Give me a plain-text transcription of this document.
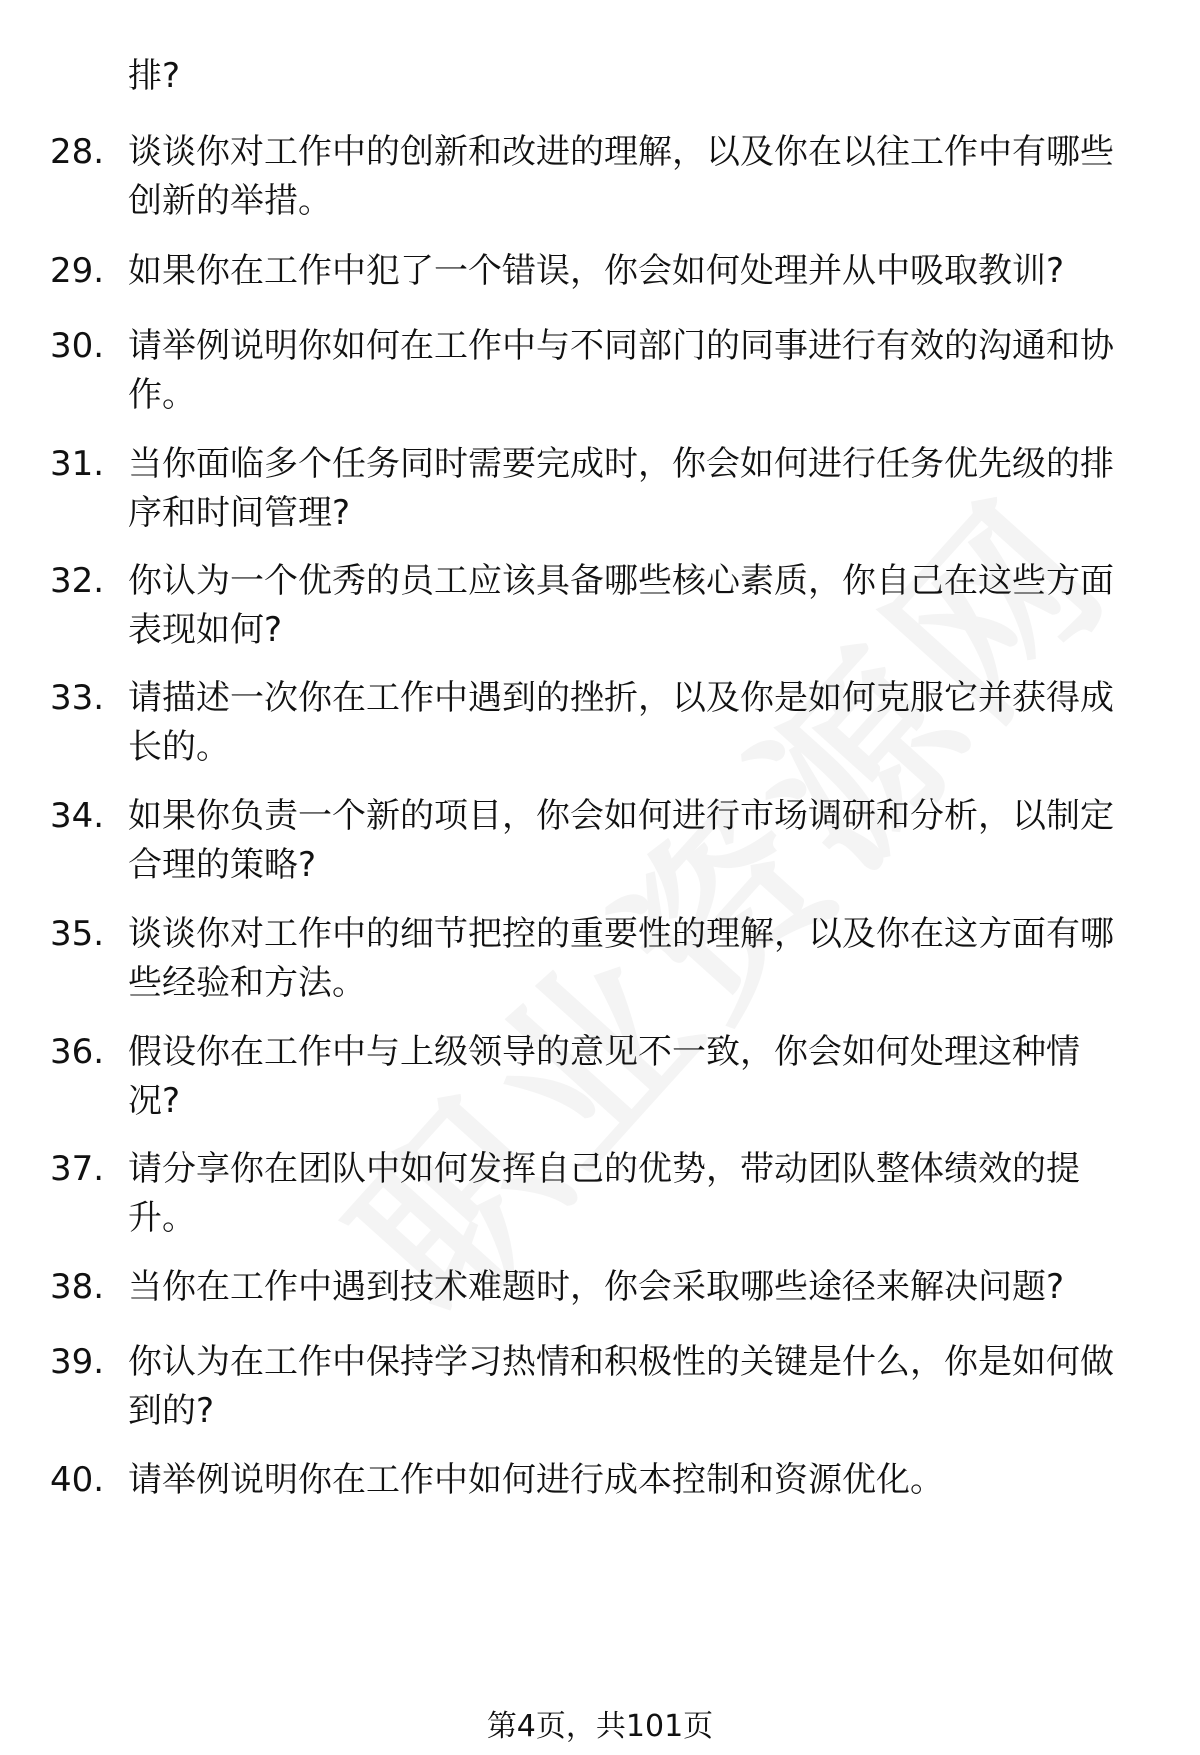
排?
28. 谈谈你对工作中的创新和改进的理解，以及你在以往工作中有哪些创新的举措。
29. 如果你在工作中犯了一个错误，你会如何处理并从中吸取教训?
30. 请举例说明你如何在工作中与不同部门的同事进行有效的沟通和协作。
31. 当你面临多个任务同时需要完成时，你会如何进行任务优先级的排序和时间管理?
32. 你认为一个优秀的员工应该具备哪些核心素质，你自己在这些方面表现如何?
33. 请描述一次你在工作中遇到的挫折，以及你是如何克服它并获得成长的。
34. 如果你负责一个新的项目，你会如何进行市场调研和分析，以制定合理的策略?
35. 谈谈你对工作中的细节把控的重要性的理解，以及你在这方面有哪些经验和方法。
36. 假设你在工作中与上级领导的意见不一致，你会如何处理这种情况?
37. 请分享你在团队中如何发挥自己的优势，带动团队整体绩效的提升。
38. 当你在工作中遇到技术难题时，你会采取哪些途径来解决问题?
39. 你认为在工作中保持学习热情和积极性的关键是什么，你是如何做到的?
40. 请举例说明你在工作中如何进行成本控制和资源优化。
第4页，共101页
